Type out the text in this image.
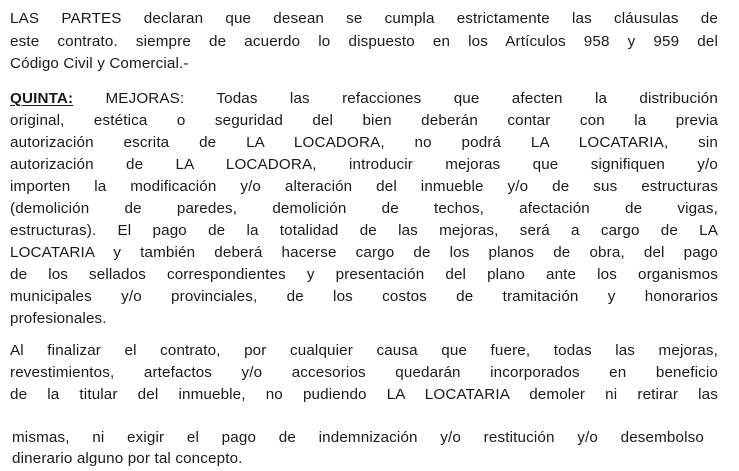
LAS PARTES declaran que desean se cumpla estrictamente las cláusulas de
este contrato. siempre de acuerdo lo dispuesto en los Artículos 958 y 959 del
Código Civil y Comercial.-
QUINTA: MEJORAS: Todas las refacciones que afecten la distribución
original, estética o seguridad del bien deberán contar con la previa
autorización escrita de LA LOCADORA, no podrá LA LOCATARIA, sin
autorización de LA LOCADORA, introducir mejoras que signifiquen y/o
importen la modificación y/o alteración del inmueble y/o de sus estructuras
(demolición de paredes, demolición de techos, afectación de vigas,
estructuras). El pago de la totalidad de las mejoras, será a cargo de LA
LOCATARIA y también deberá hacerse cargo de los planos de obra, del pago
de los sellados correspondientes y presentación del plano ante los organismos
municipales y/o provinciales, de los costos de tramitación y honorarios
profesionales.
Al finalizar el contrato, por cualquier causa que fuere, todas las mejoras,
revestimientos, artefactos y/o accesorios quedarán incorporados en beneficio
de la titular del inmueble, no pudiendo LA LOCATARIA demoler ni retirar las
mismas, ni exigir el pago de indemnización y/o restitución y/o desembolso
dinerario alguno por tal concepto.
